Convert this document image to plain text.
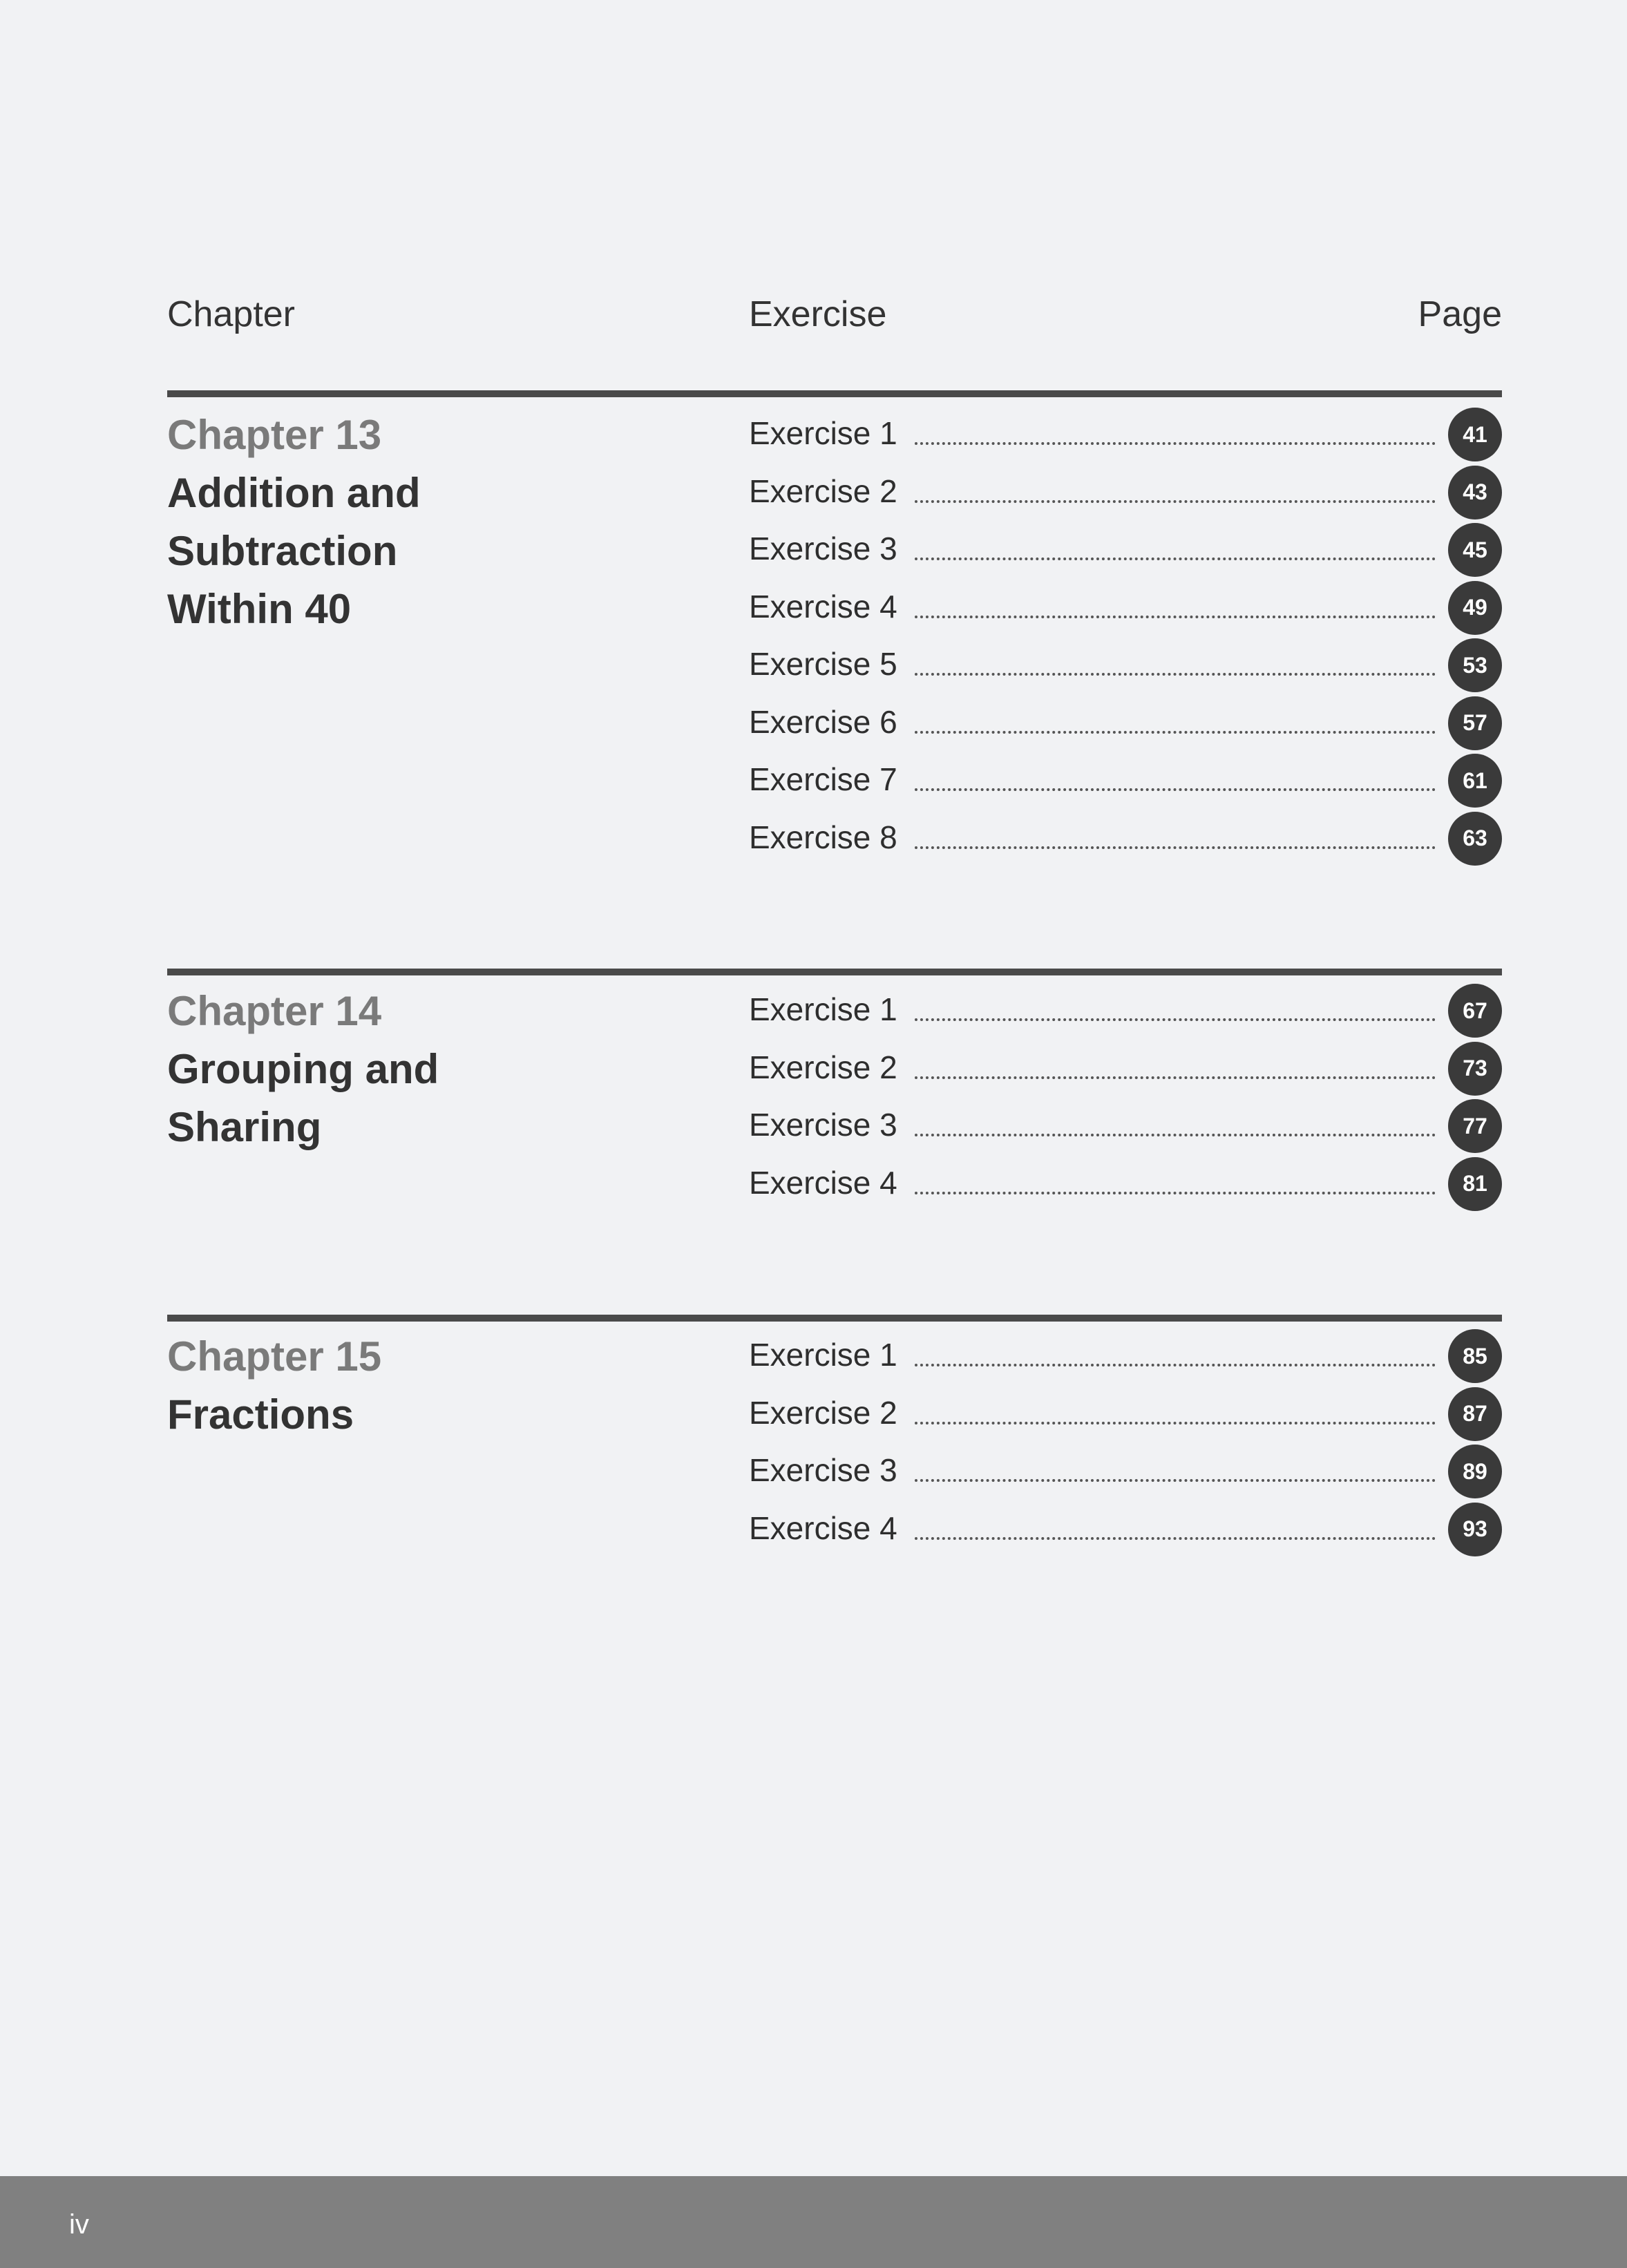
Chapter	Exercise	Page
Chapter 13
Addition and
Subtraction
Within 40
Exercise 1	41
Exercise 2	43
Exercise 3	45
Exercise 4	49
Exercise 5	53
Exercise 6	57
Exercise 7	61
Exercise 8	63
Chapter 14
Grouping and
Sharing
Exercise 1	67
Exercise 2	73
Exercise 3	77
Exercise 4	81
Chapter 15
Fractions
Exercise 1	85
Exercise 2	87
Exercise 3	89
Exercise 4	93
iv
